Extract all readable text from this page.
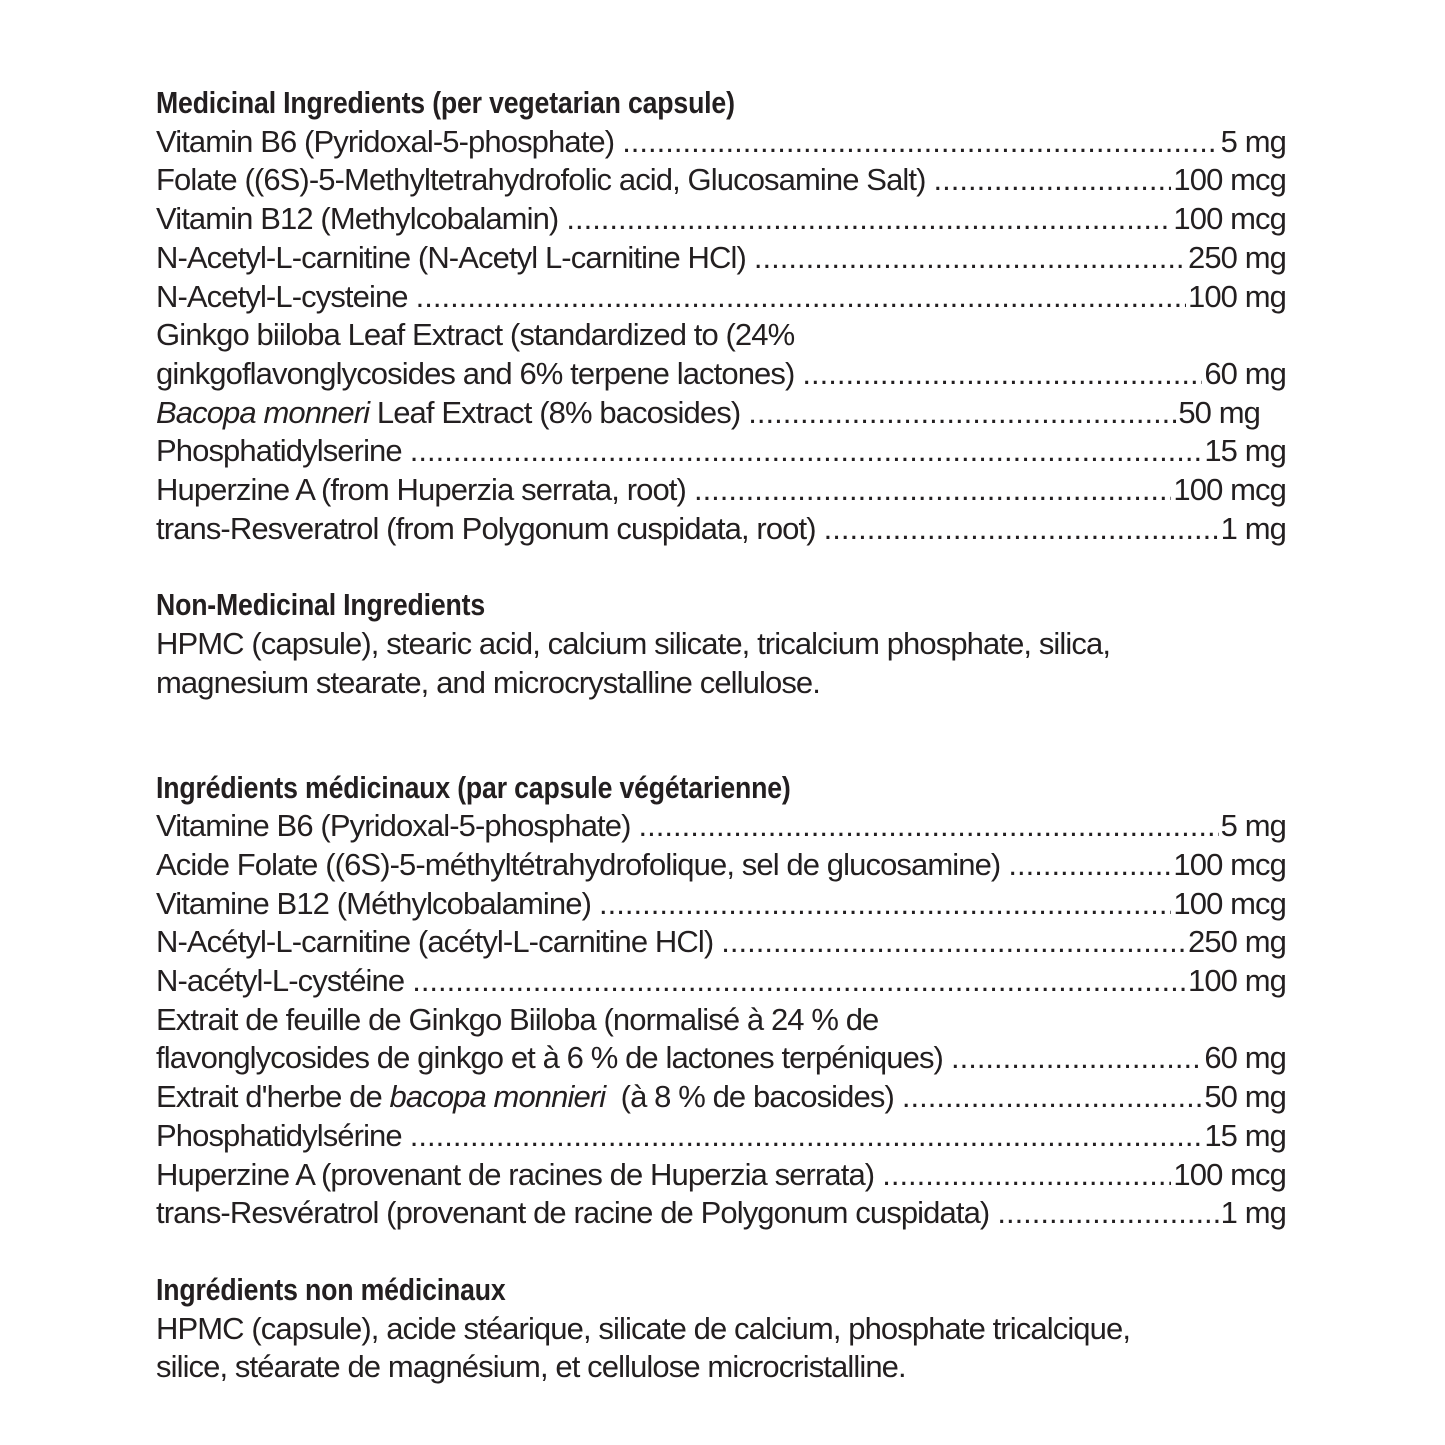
Medicinal Ingredients (per vegetarian capsule)
Vitamin B6 (Pyridoxal-5-phosphate) .....	5 mg
Folate ((6S)-5-Methyltetrahydrofolic acid, Glucosamine Salt) .....	100 mcg
Vitamin B12 (Methylcobalamin) .....	100 mcg
N-Acetyl-L-carnitine (N-Acetyl L-carnitine HCl) .....	250 mg
N-Acetyl-L-cysteine .....	100 mg
Ginkgo biiloba Leaf Extract (standardized to (24%
ginkgoflavonglycosides and 6% terpene lactones) .....	60 mg
Bacopa monneri Leaf Extract (8% bacosides) .....	50 mg
Phosphatidylserine .....	15 mg
Huperzine A (from Huperzia serrata, root) .....	100 mcg
trans-Resveratrol (from Polygonum cuspidata, root) .....	1 mg
Non-Medicinal Ingredients
HPMC (capsule), stearic acid, calcium silicate, tricalcium phosphate, silica,
magnesium stearate, and microcrystalline cellulose.
Ingrédients médicinaux (par capsule végétarienne)
Vitamine B6 (Pyridoxal-5-phosphate) .....	5 mg
Acide Folate ((6S)-5-méthyltétrahydrofolique, sel de glucosamine) .....	100 mcg
Vitamine B12 (Méthylcobalamine) .....	100 mcg
N-Acétyl-L-carnitine (acétyl-L-carnitine HCl) .....	250 mg
N-acétyl-L-cystéine .....	100 mg
Extrait de feuille de Ginkgo Biiloba (normalisé à 24 % de
flavonglycosides de ginkgo et à 6 % de lactones terpéniques) .....	60 mg
Extrait d'herbe de bacopa monnieri  (à 8 % de bacosides) .....	50 mg
Phosphatidylsérine .....	15 mg
Huperzine A (provenant de racines de Huperzia serrata) .....	100 mcg
trans-Resvératrol (provenant de racine de Polygonum cuspidata) .....	1 mg
Ingrédients non médicinaux
HPMC (capsule), acide stéarique, silicate de calcium, phosphate tricalcique,
silice, stéarate de magnésium, et cellulose microcristalline.
